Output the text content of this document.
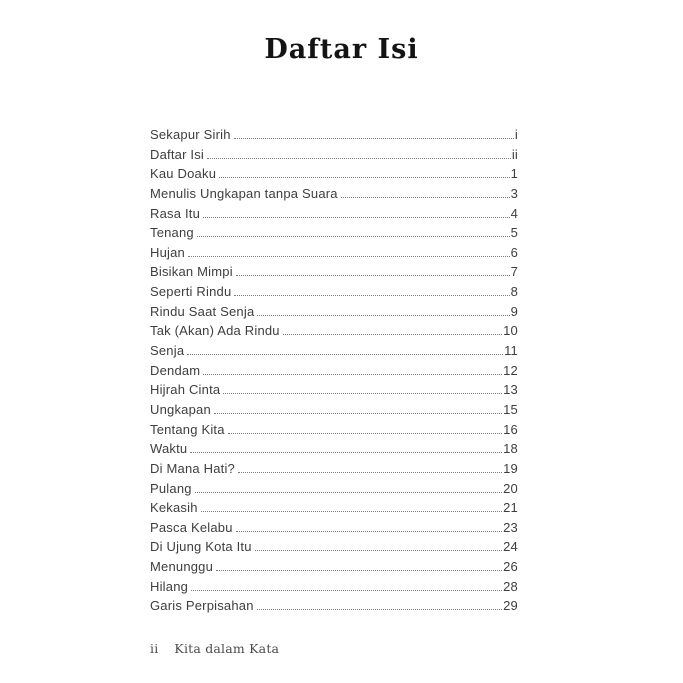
Daftar Isi
Sekapur Sirih	i
Daftar Isi	ii
Kau Doaku	1
Menulis Ungkapan tanpa Suara	3
Rasa Itu	4
Tenang	5
Hujan	6
Bisikan Mimpi	7
Seperti Rindu	8
Rindu Saat Senja	9
Tak (Akan) Ada Rindu	10
Senja	11
Dendam	12
Hijrah Cinta	13
Ungkapan	15
Tentang Kita	16
Waktu	18
Di Mana Hati?	19
Pulang	20
Kekasih	21
Pasca Kelabu	23
Di Ujung Kota Itu	24
Menunggu	26
Hilang	28
Garis Perpisahan	29
ii Kita dalam Kata
